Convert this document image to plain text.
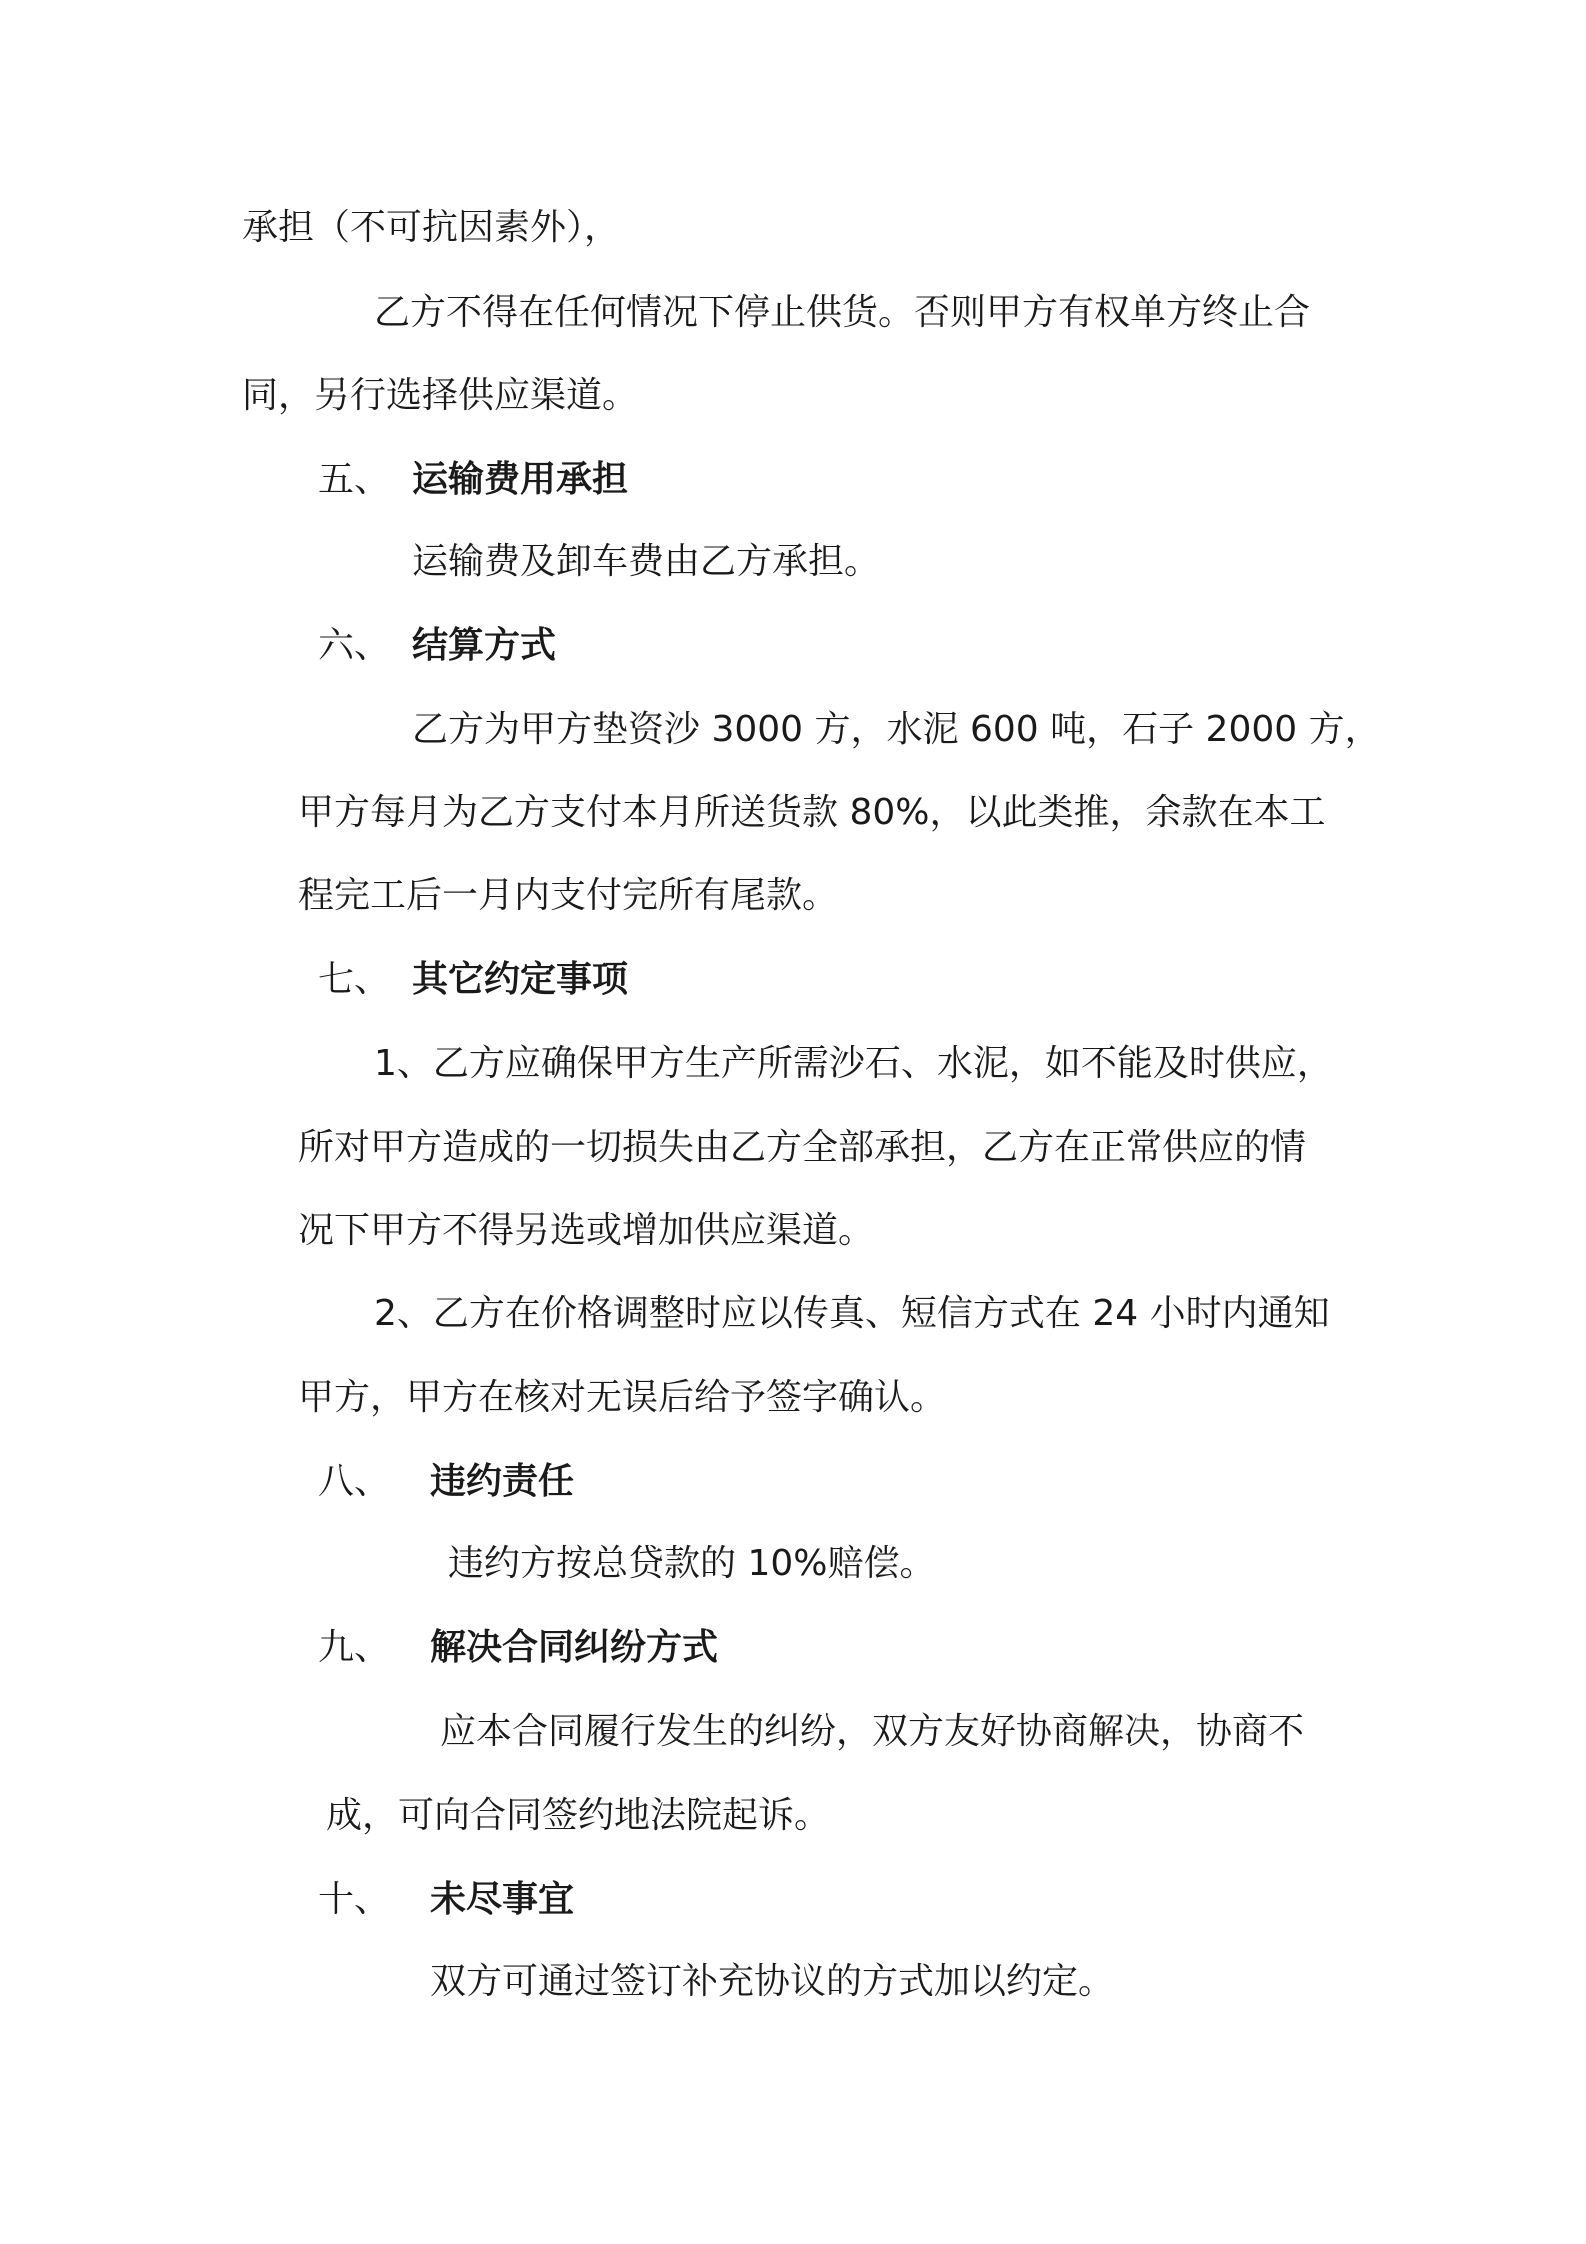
承担（不可抗因素外），
乙方不得在任何情况下停止供货。否则甲方有权单方终止合
同，另行选择供应渠道。
五、 运输费用承担
运输费及卸车费由乙方承担。
六、 结算方式
乙方为甲方垫资沙 3000 方，水泥 600 吨，石子 2000 方，
甲方每月为乙方支付本月所送货款 80%，以此类推，余款在本工
程完工后一月内支付完所有尾款。
七、 其它约定事项
1、乙方应确保甲方生产所需沙石、水泥，如不能及时供应，
所对甲方造成的一切损失由乙方全部承担，乙方在正常供应的情
况下甲方不得另选或增加供应渠道。
2、乙方在价格调整时应以传真、短信方式在 24 小时内通知
甲方，甲方在核对无误后给予签字确认。
八、 违约责任
违约方按总贷款的 10%赔偿。
九、 解决合同纠纷方式
应本合同履行发生的纠纷，双方友好协商解决，协商不
成，可向合同签约地法院起诉。
十、 未尽事宜
双方可通过签订补充协议的方式加以约定。
